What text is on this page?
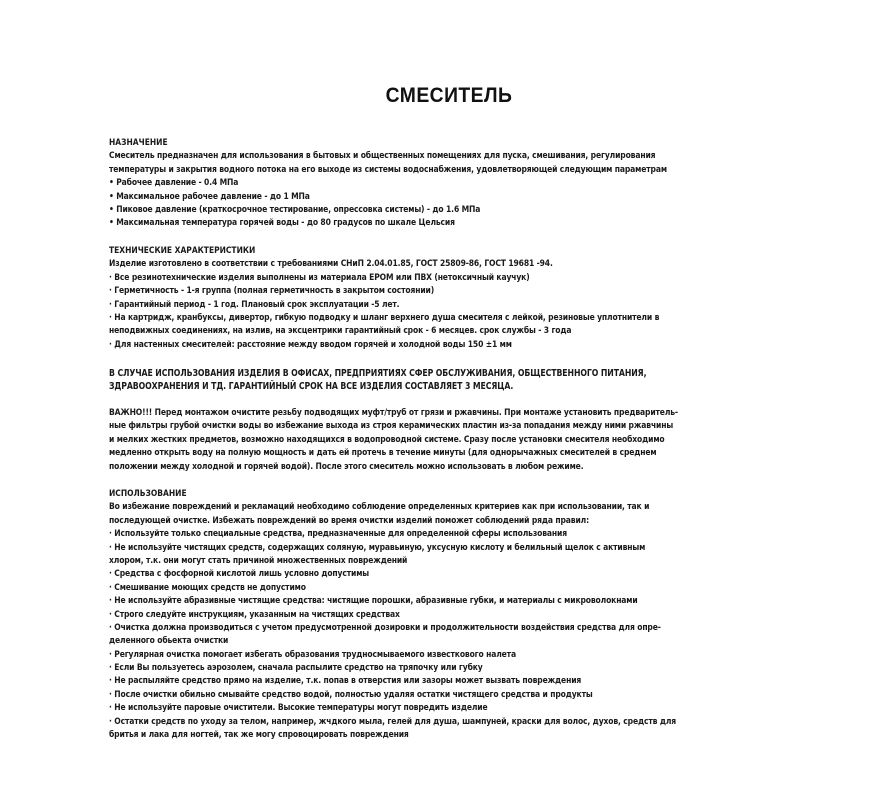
СМЕСИТЕЛЬ
НАЗНАЧЕНИЕ
Смеситель предназначен для использования в бытовых и общественных помещениях для пуска, смешивания, регулирования
температуры и закрытия водного потока на его выходе из системы водоснабжения, удовлетворяющей следующим параметрам
• Рабочее давление - 0.4 МПа
• Максимальное рабочее давление - до 1 МПа
• Пиковое давление (краткосрочное тестирование, опрессовка системы) - до 1.6 МПа
• Максимальная температура горячей воды - до 80 градусов по шкале Цельсия
ТЕХНИЧЕСКИЕ ХАРАКТЕРИСТИКИ
Изделие изготовлено в соответствии с требованиями СНиП 2.04.01.85, ГОСТ 25809-86, ГОСТ 19681 -94.
· Все резинотехнические изделия выполнены из материала EPOM или ПВХ (нетоксичный каучук)
· Герметичность - 1-я группа (полная герметичность в закрытом состоянии)
· Гарантийный период - 1 год. Плановый срок эксплуатации -5 лет.
· На картридж, кранбуксы, дивертор, гибкую подводку и шланг верхнего душа смесителя с лейкой, резиновые уплотнители в
неподвижных соединениях, на излив, на эксцентрики гарантийный срок - 6 месяцев. срок службы - 3 года
· Для настенных смесителей: расстояние между вводом горячей и холодной воды 150 ±1 мм
В СЛУЧАЕ ИСПОЛЬЗОВАНИЯ ИЗДЕЛИЯ В ОФИСАХ, ПРЕДПРИЯТИЯХ СФЕР ОБСЛУЖИВАНИЯ, ОБЩЕСТВЕННОГО ПИТАНИЯ,
ЗДРАВООХРАНЕНИЯ И ТД. ГАРАНТИЙНЫЙ СРОК НА ВСЕ ИЗДЕЛИЯ СОСТАВЛЯЕТ 3 МЕСЯЦА.
ВАЖНО!!! Перед монтажом очистите резьбу подводящих муфт/труб от грязи и ржавчины. При монтаже установить предваритель-
ные фильтры грубой очистки воды во избежание выхода из строя керамических пластин из-за попадания между ними ржавчины
и мелких жестких предметов, возможно находящихся в водопроводной системе. Сразу после установки смесителя необходимо
медленно открыть воду на полную мощность и дать ей протечь в течение минуты (для однорычажных смесителей в среднем
положении между холодной и горячей водой). После этого смеситель можно использовать в любом режиме.
ИСПОЛЬЗОВАНИЕ
Во избежание повреждений и рекламаций необходимо соблюдение определенных критериев как при использовании, так и
последующей очистке. Избежать повреждений во время очистки изделий поможет соблюдений ряда правил:
· Используйте только специальные средства, предназначенные для определенной сферы использования
· Не используйте чистящих средств, содержащих соляную, муравьиную, уксусную кислоту и белильный щелок с активным
хлором, т.к. они могут стать причиной множественных повреждений
· Средства с фосфорной кислотой лишь условно допустимы
· Смешивание моющих средств не допустимо
· Не используйте абразивные чистящие средства: чистящие порошки, абразивные губки, и материалы с микроволокнами
· Строго следуйте инструкциям, указанным на чистящих средствах
· Очистка должна производиться с учетом предусмотренной дозировки и продолжительности воздействия средства для опре-
деленного обьекта очистки
· Регулярная очистка помогает избегать образования трудносмываемого известкового налета
· Если Вы пользуетесь аэрозолем, сначала распылите средство на тряпочку или губку
· Не распыляйте средство прямо на изделие, т.к. попав в отверстия или зазоры может вызвать повреждения
· После очистки обильно смывайте средство водой, полностью удаляя остатки чистящего средства и продукты
· Не используйте паровые очистители. Высокие температуры могут повредить изделие
· Остатки средств по уходу за телом, например, жчдкого мыла, гелей для душа, шампуней, краски для волос, духов, средств для
бритья и лака для ногтей, так же могу спровоцировать повреждения
